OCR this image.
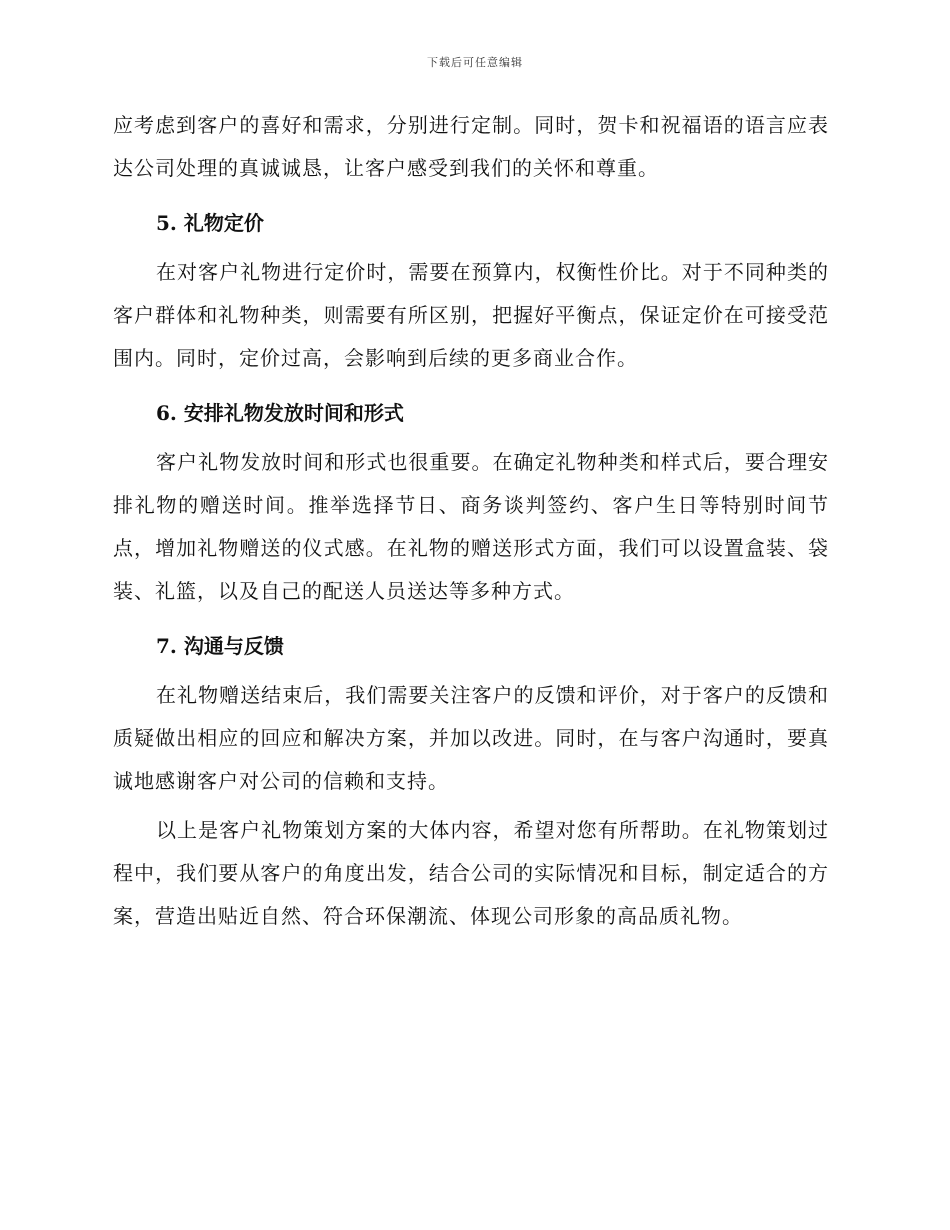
下载后可任意编辑

应考虑到客户的喜好和需求，分别进行定制。同时，贺卡和祝福语的语言应表达公司处理的真诚诚恳，让客户感受到我们的关怀和尊重。

5. 礼物定价

在对客户礼物进行定价时，需要在预算内，权衡性价比。对于不同种类的客户群体和礼物种类，则需要有所区别，把握好平衡点，保证定价在可接受范围内。同时，定价过高，会影响到后续的更多商业合作。

6. 安排礼物发放时间和形式

客户礼物发放时间和形式也很重要。在确定礼物种类和样式后，要合理安排礼物的赠送时间。推举选择节日、商务谈判签约、客户生日等特别时间节点，增加礼物赠送的仪式感。在礼物的赠送形式方面，我们可以设置盒装、袋装、礼篮，以及自己的配送人员送达等多种方式。

7. 沟通与反馈

在礼物赠送结束后，我们需要关注客户的反馈和评价，对于客户的反馈和质疑做出相应的回应和解决方案，并加以改进。同时，在与客户沟通时，要真诚地感谢客户对公司的信赖和支持。

以上是客户礼物策划方案的大体内容，希望对您有所帮助。在礼物策划过程中，我们要从客户的角度出发，结合公司的实际情况和目标，制定适合的方案，营造出贴近自然、符合环保潮流、体现公司形象的高品质礼物。
